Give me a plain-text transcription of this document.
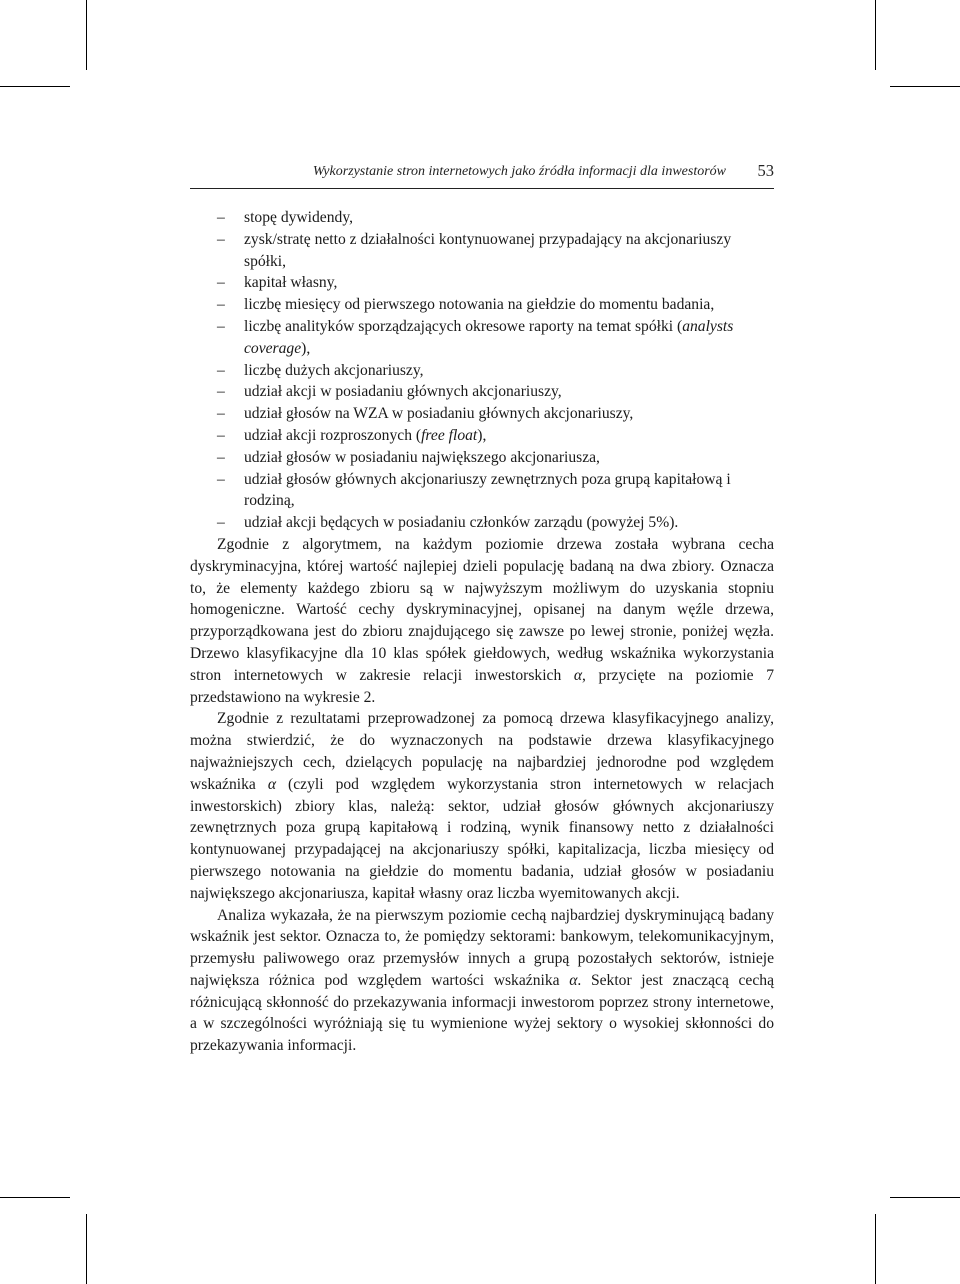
Wykorzystanie stron internetowych jako źródła informacji dla inwestorów 53
– stopę dywidendy,
– zysk/stratę netto z działalności kontynuowanej przypadający na akcjonariuszy spółki,
– kapitał własny,
– liczbę miesięcy od pierwszego notowania na giełdzie do momentu badania,
– liczbę analityków sporządzających okresowe raporty na temat spółki (analysts coverage),
– liczbę dużych akcjonariuszy,
– udział akcji w posiadaniu głównych akcjonariuszy,
– udział głosów na WZA w posiadaniu głównych akcjonariuszy,
– udział akcji rozproszonych (free float),
– udział głosów w posiadaniu największego akcjonariusza,
– udział głosów głównych akcjonariuszy zewnętrznych poza grupą kapitałową i rodziną,
– udział akcji będących w posiadaniu członków zarządu (powyżej 5%).

Zgodnie z algorytmem, na każdym poziomie drzewa została wybrana cecha dyskryminacyjna, której wartość najlepiej dzieli populację badaną na dwa zbiory. Oznacza to, że elementy każdego zbioru są w najwyższym możliwym do uzyskania stopniu homogeniczne. Wartość cechy dyskryminacyjnej, opisanej na danym węźle drzewa, przyporządkowana jest do zbioru znajdującego się zawsze po lewej stronie, poniżej węzła. Drzewo klasyfikacyjne dla 10 klas spółek giełdowych, według wskaźnika wykorzystania stron internetowych w zakresie relacji inwestorskich α, przycięte na poziomie 7 przedstawiono na wykresie 2.

Zgodnie z rezultatami przeprowadzonej za pomocą drzewa klasyfikacyjnego analizy, można stwierdzić, że do wyznaczonych na podstawie drzewa klasyfikacyjnego najważniejszych cech, dzielących populację na najbardziej jednorodne pod względem wskaźnika α (czyli pod względem wykorzystania stron internetowych w relacjach inwestorskich) zbiory klas, należą: sektor, udział głosów głównych akcjonariuszy zewnętrznych poza grupą kapitałową i rodziną, wynik finansowy netto z działalności kontynuowanej przypadającej na akcjonariuszy spółki, kapitalizacja, liczba miesięcy od pierwszego notowania na giełdzie do momentu badania, udział głosów w posiadaniu największego akcjonariusza, kapitał własny oraz liczba wyemitowanych akcji.

Analiza wykazała, że na pierwszym poziomie cechą najbardziej dyskryminującą badany wskaźnik jest sektor. Oznacza to, że pomiędzy sektorami: bankowym, telekomunikacyjnym, przemysłu paliwowego oraz przemysłów innych a grupą pozostałych sektorów, istnieje największa różnica pod względem wartości wskaźnika α. Sektor jest znaczącą cechą różnicującą skłonność do przekazywania informacji inwestorom poprzez strony internetowe, a w szczególności wyróżniają się tu wymienione wyżej sektory o wysokiej skłonności do przekazywania informacji.
